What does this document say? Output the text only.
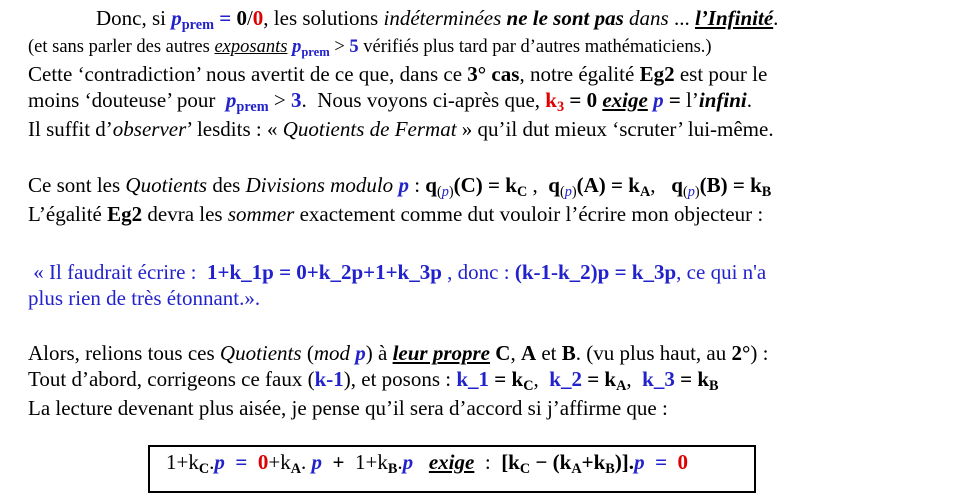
Donc, si $p_{prem} = 0/0$, les solutions indéterminées ne le sont pas dans ... l’Infinité.
(et sans parler des autres exposants $p_{prem} > 5$ vérifiés plus tard par d’autres mathématiciens.)
Cette ‘contradiction’ nous avertit de ce que, dans ce 3° cas, notre égalité Eg2 est pour le
moins ‘douteuse’ pour  $p_{prem} > 3$.  Nous voyons ci-après que, $k_3 = 0$ exige p = l’infini.
Il suffit d’observer’ lesdits : « Quotients de Fermat » qu’il dut mieux ‘scruter’ lui-même.
Ce sont les Quotients des Divisions modulo p : $q_{(p)}(C) = k_C$ ,  $q_{(p)}(A) = k_A$,   $q_{(p)}(B) = k_B$
L’égalité Eg2 devra les sommer exactement comme dut vouloir l’écrire mon objecteur :
« Il faudrait écrire :  1+k_1p = 0+k_2p+1+k_3p , donc : (k-1-k_2)p = k_3p, ce qui n'a
plus rien de très étonnant.».
Alors, relions tous ces Quotients (mod p) à leur propre C, A et B. (vu plus haut, au 2°) :
Tout d’abord, corrigeons ce faux (k-1), et posons : k_1 = $k_C$,  k_2 = $k_A$,  k_3 = $k_B$
La lecture devenant plus aisée, je pense qu’il sera d’accord si j’affirme que :
$1+k_C.p = 0+k_A$. $p + 1+k_B.p$ exige  :  $[k_C - (k_A+k_B)].p = 0$
